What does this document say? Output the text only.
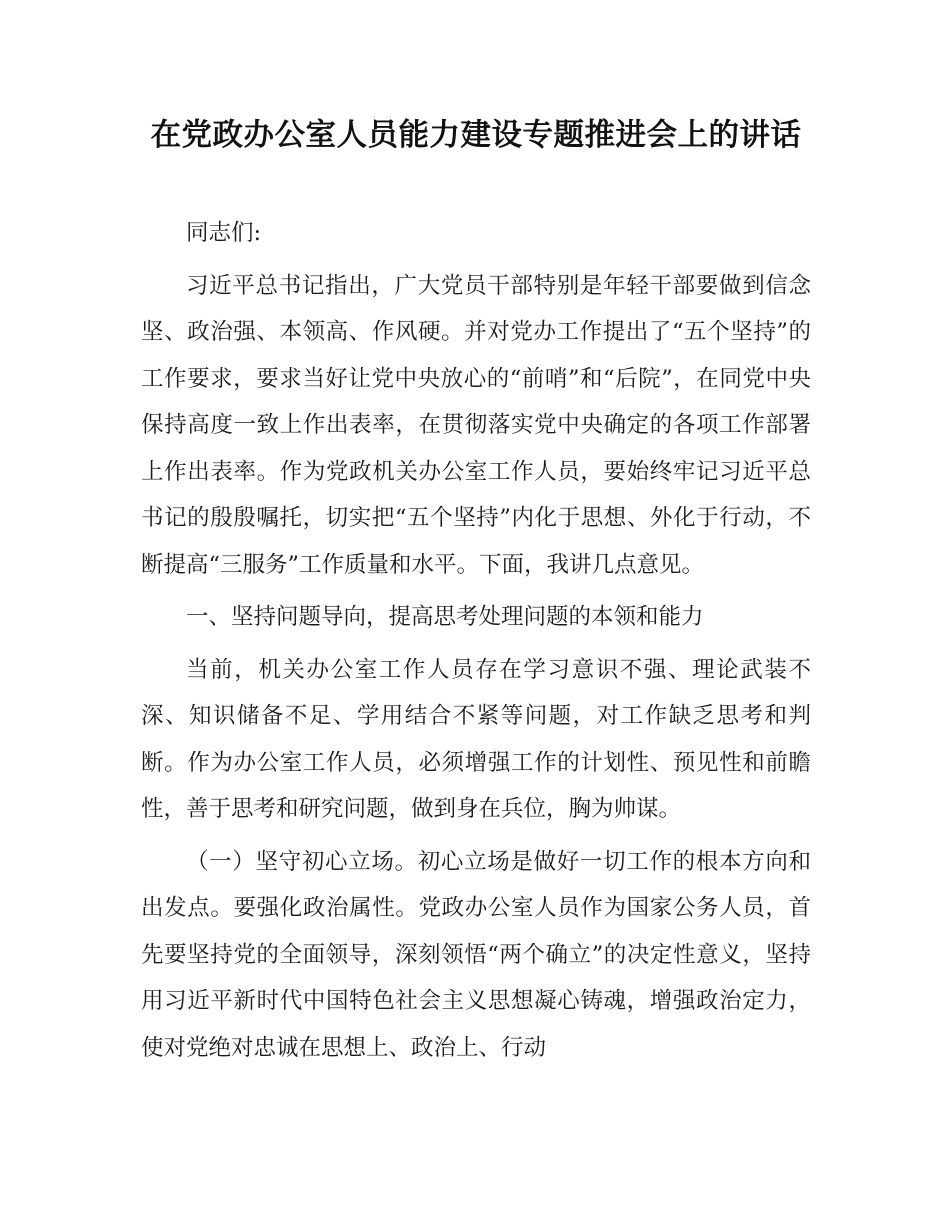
在党政办公室人员能力建设专题推进会上的讲话

同志们:

习近平总书记指出，广大党员干部特别是年轻干部要做到信念坚、政治强、本领高、作风硬。并对党办工作提出了“五个坚持”的工作要求，要求当好让党中央放心的“前哨”和“后院”，在同党中央保持高度一致上作出表率，在贯彻落实党中央确定的各项工作部署上作出表率。作为党政机关办公室工作人员，要始终牢记习近平总书记的殷殷嘱托，切实把“五个坚持”内化于思想、外化于行动，不断提高“三服务”工作质量和水平。下面，我讲几点意见。

一、坚持问题导向，提高思考处理问题的本领和能力

当前，机关办公室工作人员存在学习意识不强、理论武装不深、知识储备不足、学用结合不紧等问题，对工作缺乏思考和判断。作为办公室工作人员，必须增强工作的计划性、预见性和前瞻性，善于思考和研究问题，做到身在兵位，胸为帅谋。

（一）坚守初心立场。初心立场是做好一切工作的根本方向和出发点。要强化政治属性。党政办公室人员作为国家公务人员，首先要坚持党的全面领导，深刻领悟“两个确立”的决定性意义，坚持用习近平新时代中国特色社会主义思想凝心铸魂，增强政治定力，使对党绝对忠诚在思想上、政治上、行动
